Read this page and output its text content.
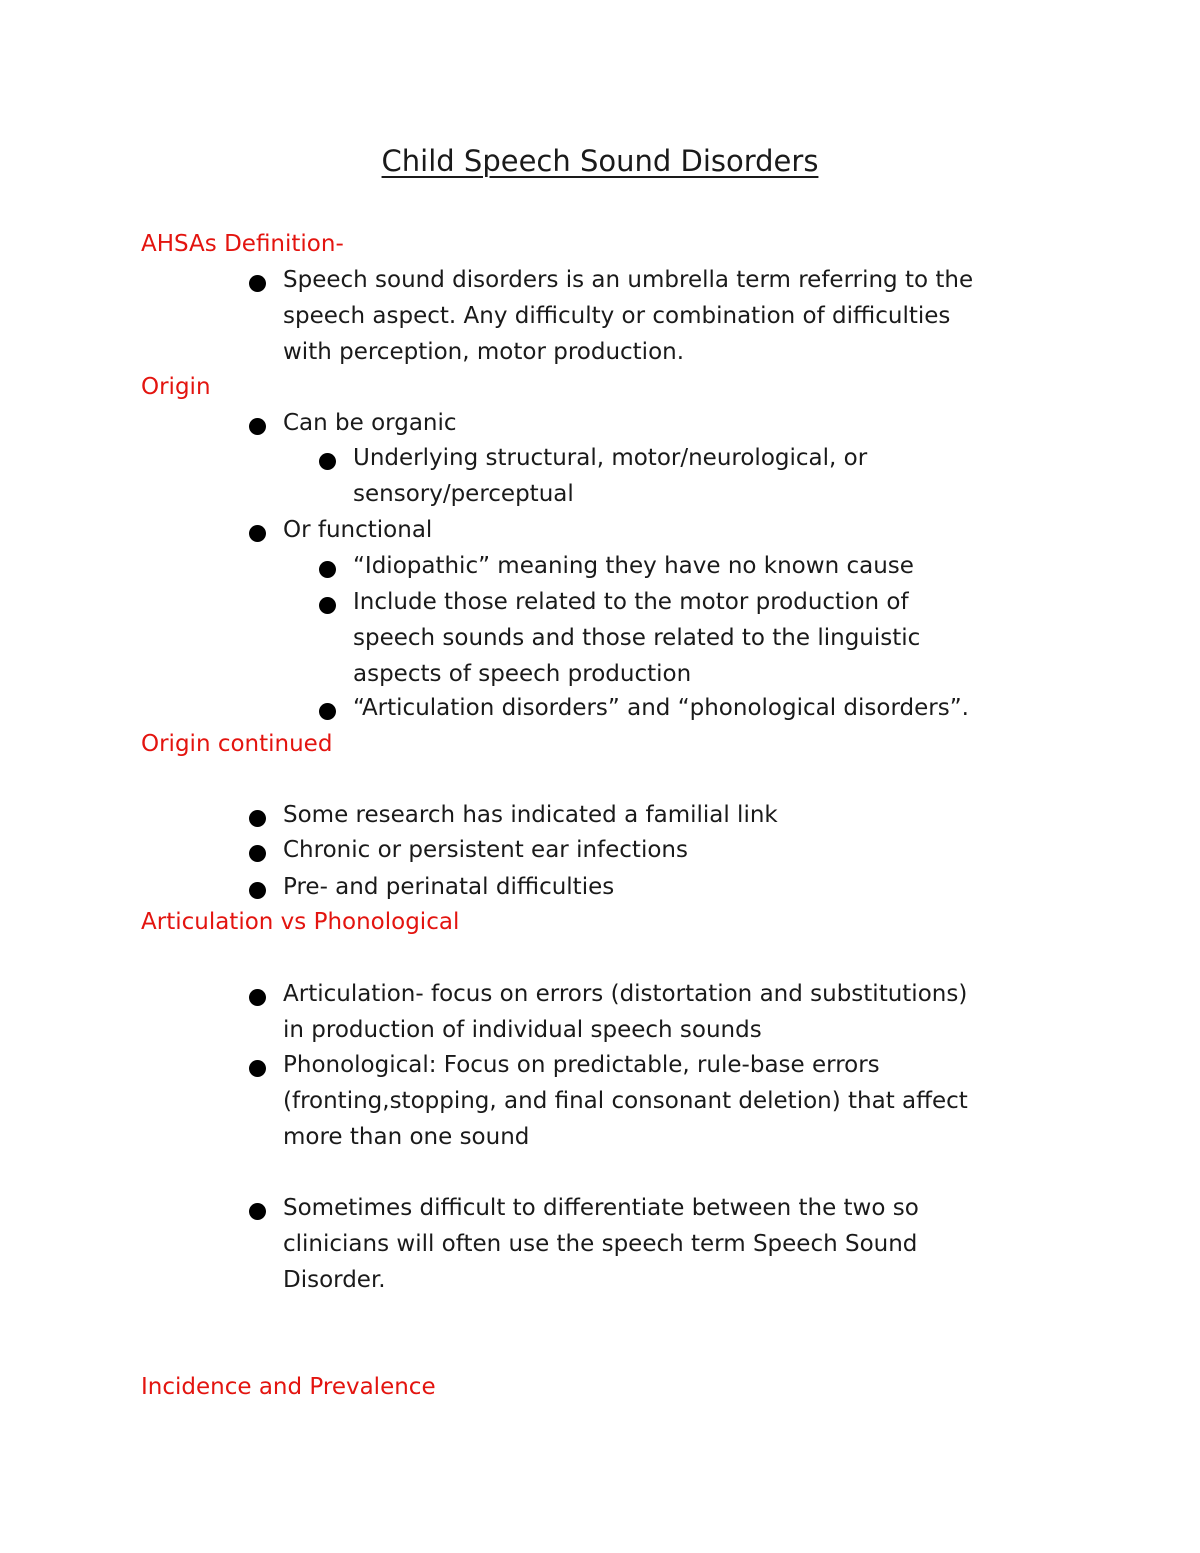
Child Speech Sound Disorders
AHSAs Definition-
Speech sound disorders is an umbrella term referring to the
speech aspect. Any difficulty or combination of difficulties
with perception, motor production.
Origin
Can be organic
Underlying structural, motor/neurological, or
sensory/perceptual
Or functional
“Idiopathic” meaning they have no known cause
Include those related to the motor production of
speech sounds and those related to the linguistic
aspects of speech production
“Articulation disorders” and “phonological disorders”.
Origin continued
Some research has indicated a familial link
Chronic or persistent ear infections
Pre- and perinatal difficulties
Articulation vs Phonological
Articulation- focus on errors (distortation and substitutions)
in production of individual speech sounds
Phonological: Focus on predictable, rule-base errors
(fronting,stopping, and final consonant deletion) that affect
more than one sound
Sometimes difficult to differentiate between the two so
clinicians will often use the speech term Speech Sound
Disorder.
Incidence and Prevalence
